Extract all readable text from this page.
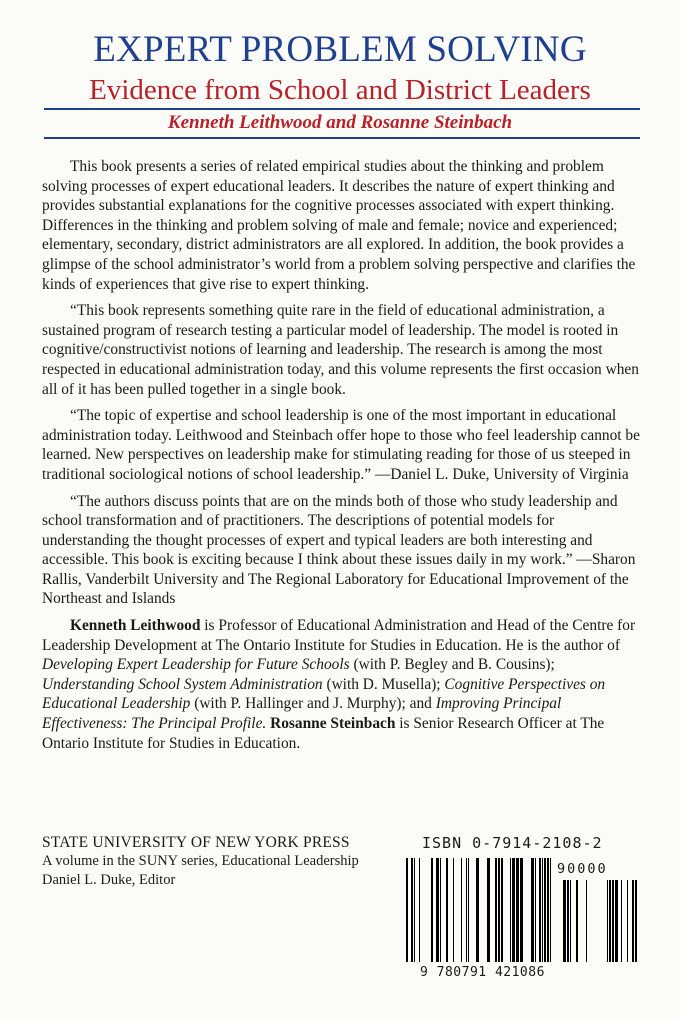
EXPERT PROBLEM SOLVING
Evidence from School and District Leaders
Kenneth Leithwood and Rosanne Steinbach

This book presents a series of related empirical studies about the thinking and problem solving processes of expert educational leaders. It describes the nature of expert thinking and provides substantial explanations for the cognitive processes associated with expert thinking. Differences in the thinking and problem solving of male and female; novice and experienced; elementary, secondary, district administrators are all explored. In addition, the book provides a glimpse of the school administrator’s world from a problem solving perspective and clarifies the kinds of experiences that give rise to expert thinking.

“This book represents something quite rare in the field of educational administration, a sustained program of research testing a particular model of leadership. The model is rooted in cognitive/constructivist notions of learning and leadership. The research is among the most respected in educational administration today, and this volume represents the first occasion when all of it has been pulled together in a single book.

“The topic of expertise and school leadership is one of the most important in educational administration today. Leithwood and Steinbach offer hope to those who feel leadership cannot be learned. New perspectives on leadership make for stimulating reading for those of us steeped in traditional sociological notions of school leadership.” —Daniel L. Duke, University of Virginia

“The authors discuss points that are on the minds both of those who study leadership and school transformation and of practitioners. The descriptions of potential models for understanding the thought processes of expert and typical leaders are both interesting and accessible. This book is exciting because I think about these issues daily in my work.” —Sharon Rallis, Vanderbilt University and The Regional Laboratory for Educational Improvement of the Northeast and Islands

Kenneth Leithwood is Professor of Educational Administration and Head of the Centre for Leadership Development at The Ontario Institute for Studies in Education. He is the author of Developing Expert Leadership for Future Schools (with P. Begley and B. Cousins); Understanding School System Administration (with D. Musella); Cognitive Perspectives on Educational Leadership (with P. Hallinger and J. Murphy); and Improving Principal Effectiveness: The Principal Profile. Rosanne Steinbach is Senior Research Officer at The Ontario Institute for Studies in Education.

STATE UNIVERSITY OF NEW YORK PRESS
A volume in the SUNY series, Educational Leadership
Daniel L. Duke, Editor
ISBN 0-7914-2108-2
90000
9 780791 421086
